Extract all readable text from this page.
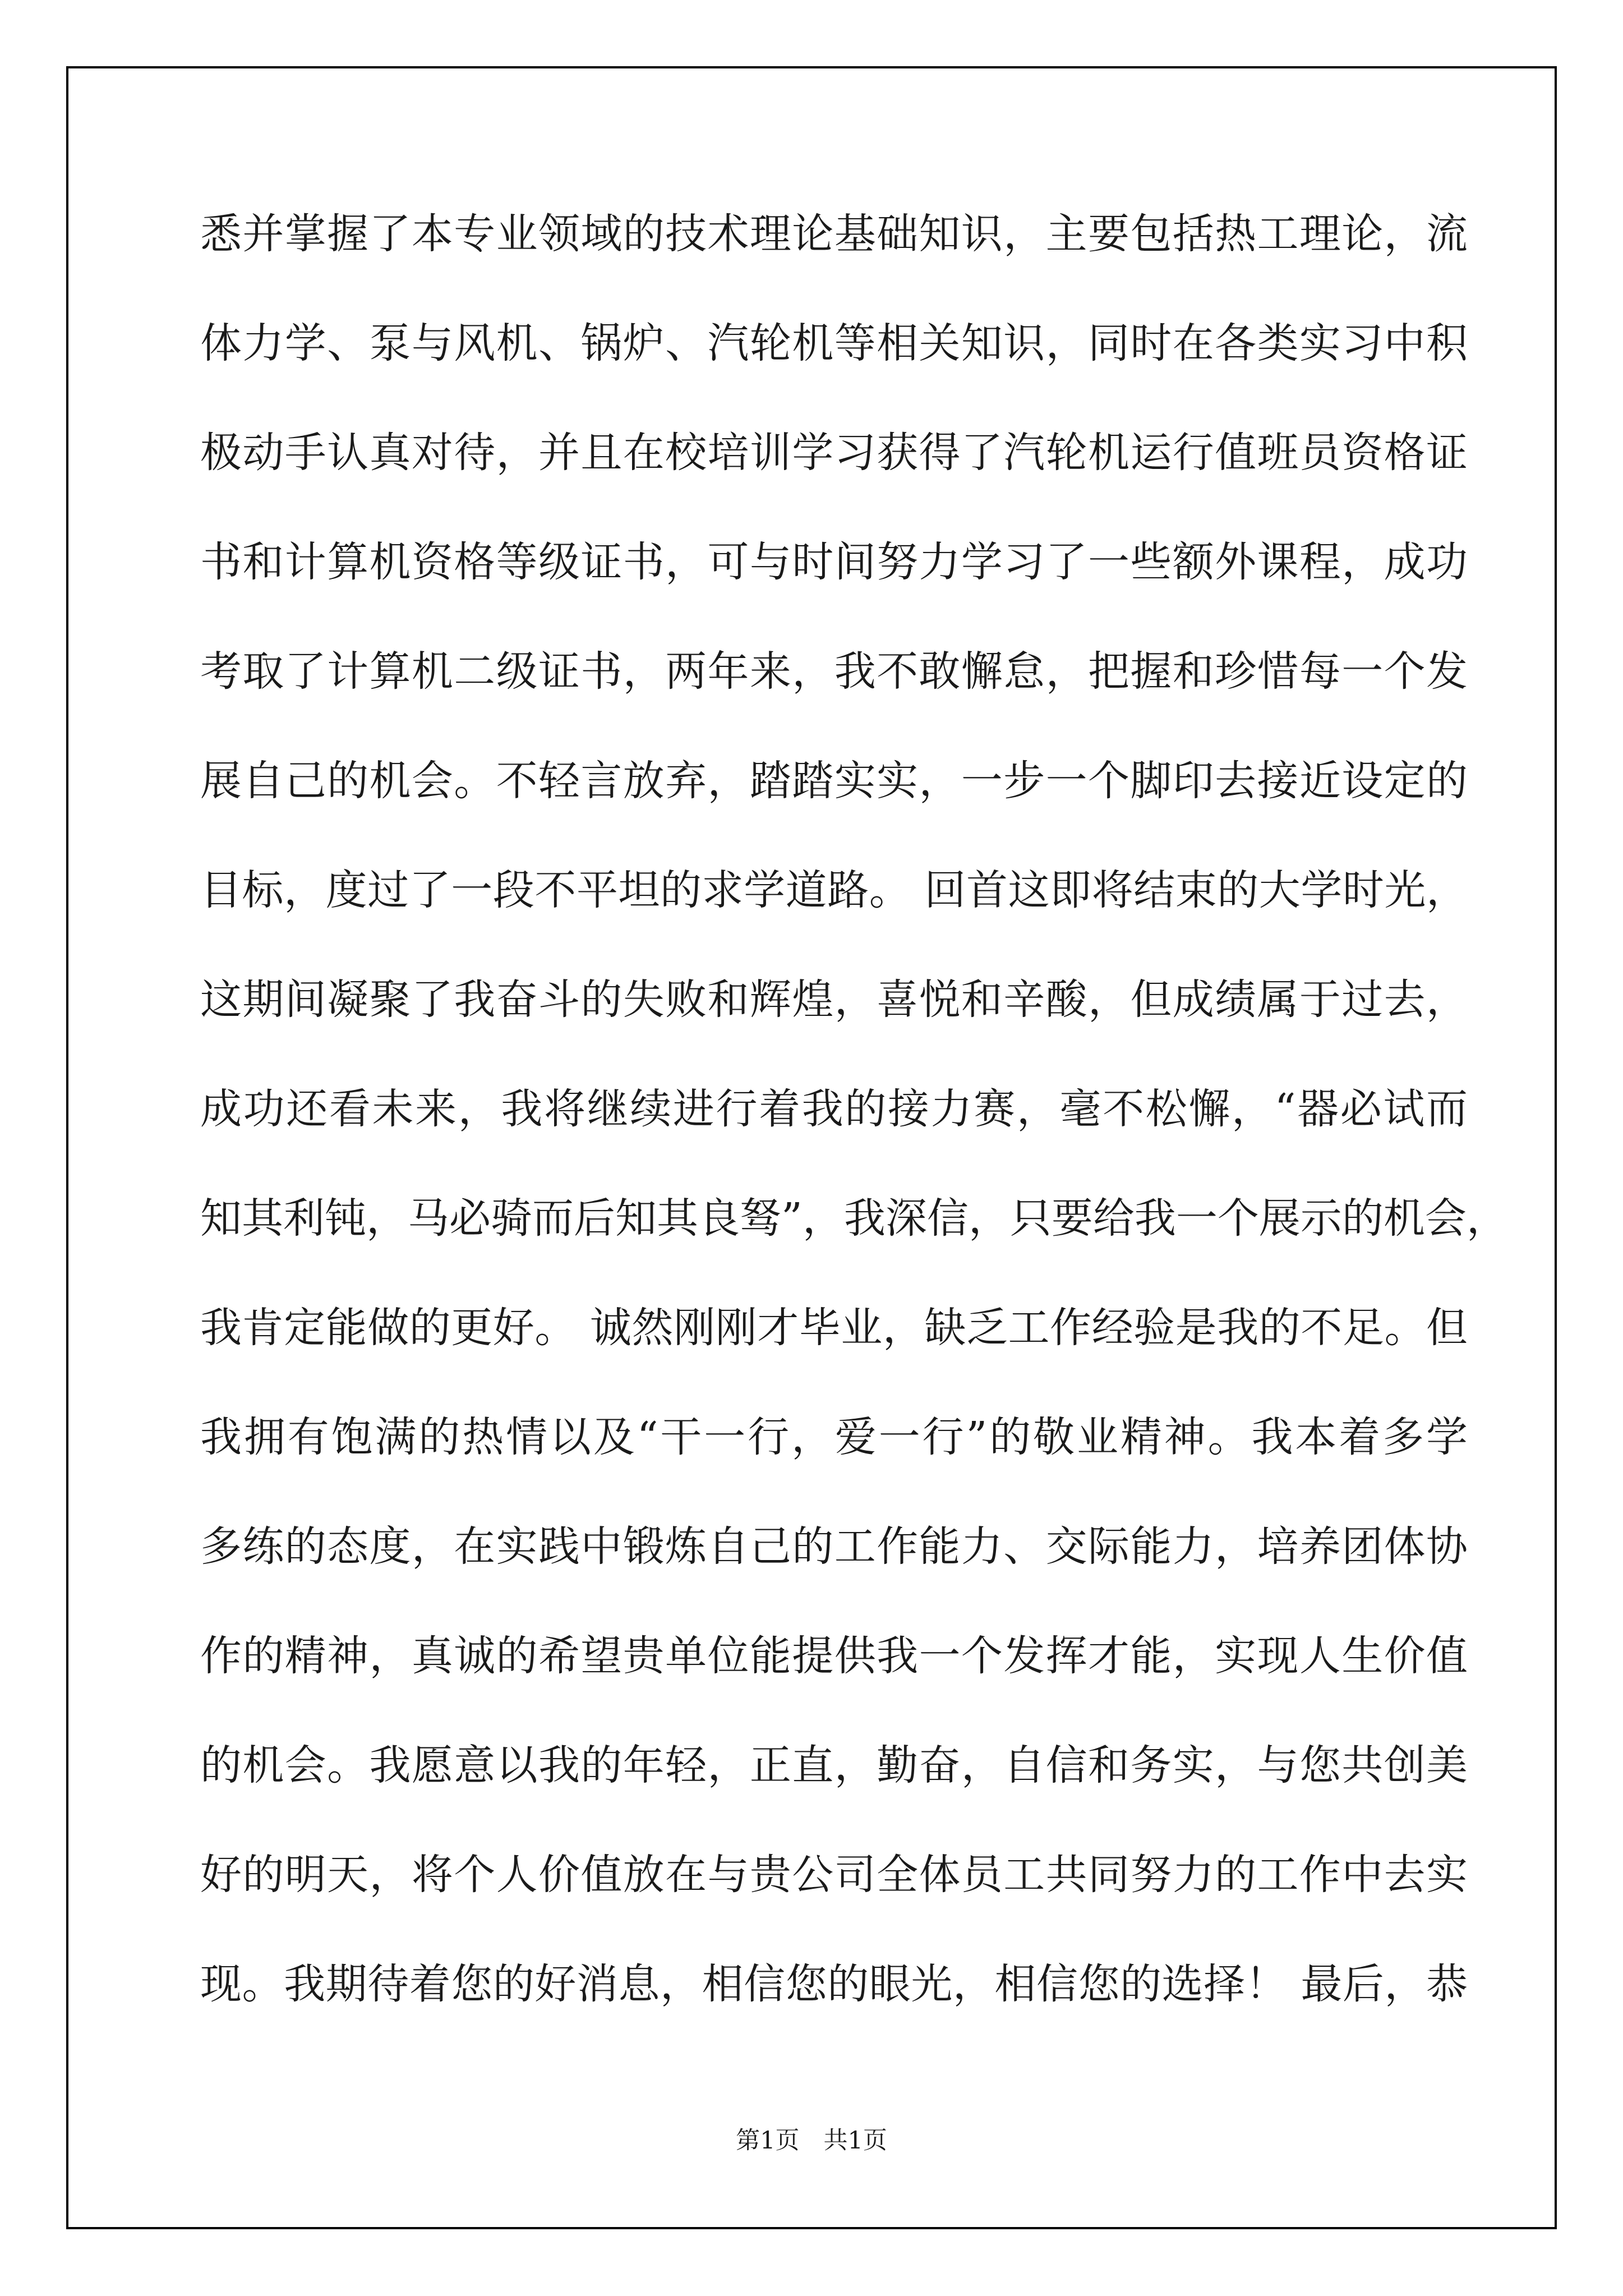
悉并掌握了本专业领域的技术理论基础知识，主要包括热工理论，流
体力学、泵与风机、锅炉、汽轮机等相关知识，同时在各类实习中积
极动手认真对待，并且在校培训学习获得了汽轮机运行值班员资格证
书和计算机资格等级证书，可与时间努力学习了一些额外课程，成功
考取了计算机二级证书，两年来，我不敢懈怠，把握和珍惜每一个发
展自己的机会。不轻言放弃，踏踏实实，一步一个脚印去接近设定的
目标，度过了一段不平坦的求学道路。 回首这即将结束的大学时光，
这期间凝聚了我奋斗的失败和辉煌，喜悦和辛酸，但成绩属于过去，
成功还看未来，我将继续进行着我的接力赛，毫不松懈，“器必试而
知其利钝，马必骑而后知其良驽”，我深信，只要给我一个展示的机会，
我肯定能做的更好。 诚然刚刚才毕业，缺乏工作经验是我的不足。但
我拥有饱满的热情以及“干一行，爱一行”的敬业精神。我本着多学
多练的态度，在实践中锻炼自己的工作能力、交际能力，培养团体协
作的精神，真诚的希望贵单位能提供我一个发挥才能，实现人生价值
的机会。我愿意以我的年轻，正直，勤奋，自信和务实，与您共创美
好的明天，将个人价值放在与贵公司全体员工共同努力的工作中去实
现。我期待着您的好消息，相信您的眼光，相信您的选择！ 最后，恭
第1页　共1页
